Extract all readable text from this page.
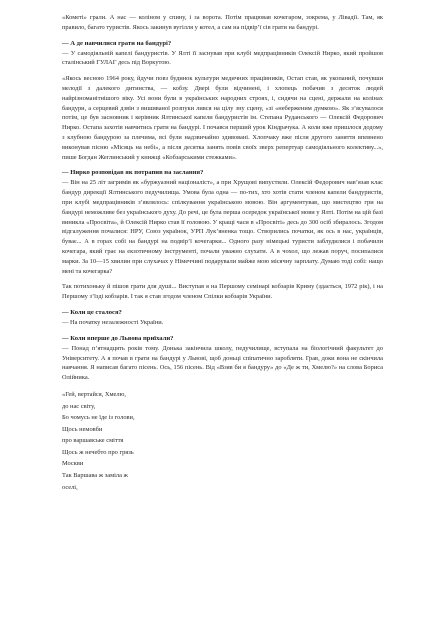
«Кометі» грали. А нас — коліном у спину, і за ворота. Потім працював кочегаром, зокрема, у Лівадії. Там, як правило, багато туристів. Якось закинув вугілля у котел, а сам на підвір’ї сів грати на бандурі.

— А де навчилися грати на бандурі?

— У самодіяльній капелі бандуристів. У Ялті її заснував при клубі медпрацівників Олексій Нирко, який пройшов сталінський ГУЛАГ десь під Воркутою.

«Якось весною 1964 року, йдучи повз будинок культури медичних працівників, Остап став, як укопаний, почувши мелодії з далекого дитинства, — кобзу. Двері були відчинені, і хлопець побачив з десяток людей найрізноманітнішого віку. Усі вони були в українських народних строях, і, сидячи на сцені, держали на колінах бандури, а серцевий дзвін з вишиваної розпуки лився на цілу зну сцену, «зі «неберженим думкою». Як з’ясувалося потім, це був засновник і керівник Ялтинської капели бандуристів ім. Степана Руданського — Олексій Федорович Нирко. Остапа захотів навчитись грати на бандурі. І почався перший урок Кіндрачука. А коли вже пришлося додому з клубною бандурою за плечима, всі були надзвичайно здивовані. Хлопчаку вже після другого заняття впевнено виконував пісню «Місяць на небі», а після десятка занять повів своїх зверх репертуар самодіяльного колективу...», пише Богдан Жеглинський у книжці «Кобзарськими стежками».

— Нирко розповідав як потрапив на заслання?

— Він на 25 літ загримів як «буржуазний націоналіст», а при Хрущові випустили. Олексій Федорович нав’язав клас бандур дирекції Ялтинського педучилища. Умова була одна — по-тих, хто хотів стати членом капели бандуристів, при клубі медпрацівників з’являлось: спілкування українською мовою. Він аргументував, що мистецтво гри на бандурі неможливе без українського духу. До речі, це була перша осередок української мови у Ялті. Потім на цій базі виникла «Просвіта», й Олексій Нирко став її головою. У кращі часи в «Просвіті» десь до 300 осіб збиралось. Згодом відгалуження почалися: НРУ, Союз українок, УРП Лук’яненка тощо. Створились початки, як ось в нас, українців, буває... А в горах собі на бандурі на подвір’ї кочегарки... Одного разу німецькі туристи заблудилися і побачили кочегара, який грає на екзотичному інструменті, почали уважно слухати. А в чохол, що лежав поруч, посипалися марки. За 10—15 хвилин при слухачах у Німеччині подарували майже мою місячну зарплату. Думаю тоді собі: нащо мені та кочегарка?

Так потихоньку й пішов грати для душі... Виступав я на Першому семінарі кобзарів Криму (здається, 1972 рік), і на Першому з’їзді кобзарів. І так я став згодом членом Спілки кобзарів України.

— Коли це сталося?

— На початку незалежності України.

— Коли вперше до Львова приїхали?

— Понад п’ятнадцять років тому. Донька закінчила школу, педучилище, вступала на біологічний факультет до Університету. А я почав в грати на бандурі у Львові, щоб доньці спіпатично заробляти. Грав, доки вона не скінчила навчання. Я написав багато пісень. Ось, 156 пісень. Від «Взяв би я бандуру» до «Де ж ти, Хмелю?» на слова Бориса Олійника.

«Гей, вертайся, Хмелю,
до нас світу,
Бо чомусь не їде із голови,
Щось немовби
про варшавське сміття
Щось ж нечебто про грязь
Москви
Так Варшава ж заміла ж
оселі,
